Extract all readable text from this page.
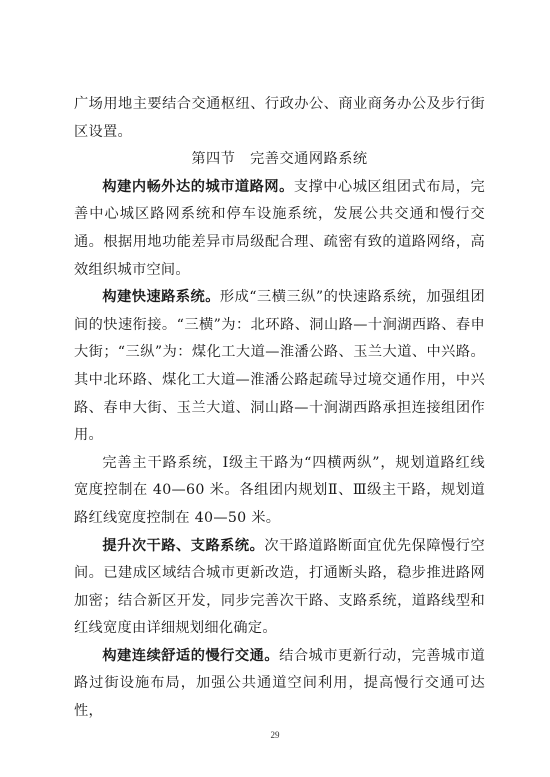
广场用地主要结合交通枢纽、行政办公、商业商务办公及步行街区设置。

第四节　完善交通网路系统

构建内畅外达的城市道路网。支撑中心城区组团式布局，完善中心城区路网系统和停车设施系统，发展公共交通和慢行交通。根据用地功能差异市局级配合理、疏密有致的道路网络，高效组织城市空间。

构建快速路系统。形成“三横三纵”的快速路系统，加强组团间的快速衔接。“三横”为：北环路、洞山路—十涧湖西路、春申大街；“三纵”为：煤化工大道—淮潘公路、玉兰大道、中兴路。其中北环路、煤化工大道—淮潘公路起疏导过境交通作用，中兴路、春申大街、玉兰大道、洞山路—十涧湖西路承担连接组团作用。

完善主干路系统，Ⅰ级主干路为“四横两纵”，规划道路红线宽度控制在 40—60 米。各组团内规划Ⅱ、Ⅲ级主干路，规划道路红线宽度控制在 40—50 米。

提升次干路、支路系统。次干路道路断面宜优先保障慢行空间。已建成区域结合城市更新改造，打通断头路，稳步推进路网加密；结合新区开发，同步完善次干路、支路系统，道路线型和红线宽度由详细规划细化确定。

构建连续舒适的慢行交通。结合城市更新行动，完善城市道路过街设施布局，加强公共通道空间利用，提高慢行交通可达性，

29
